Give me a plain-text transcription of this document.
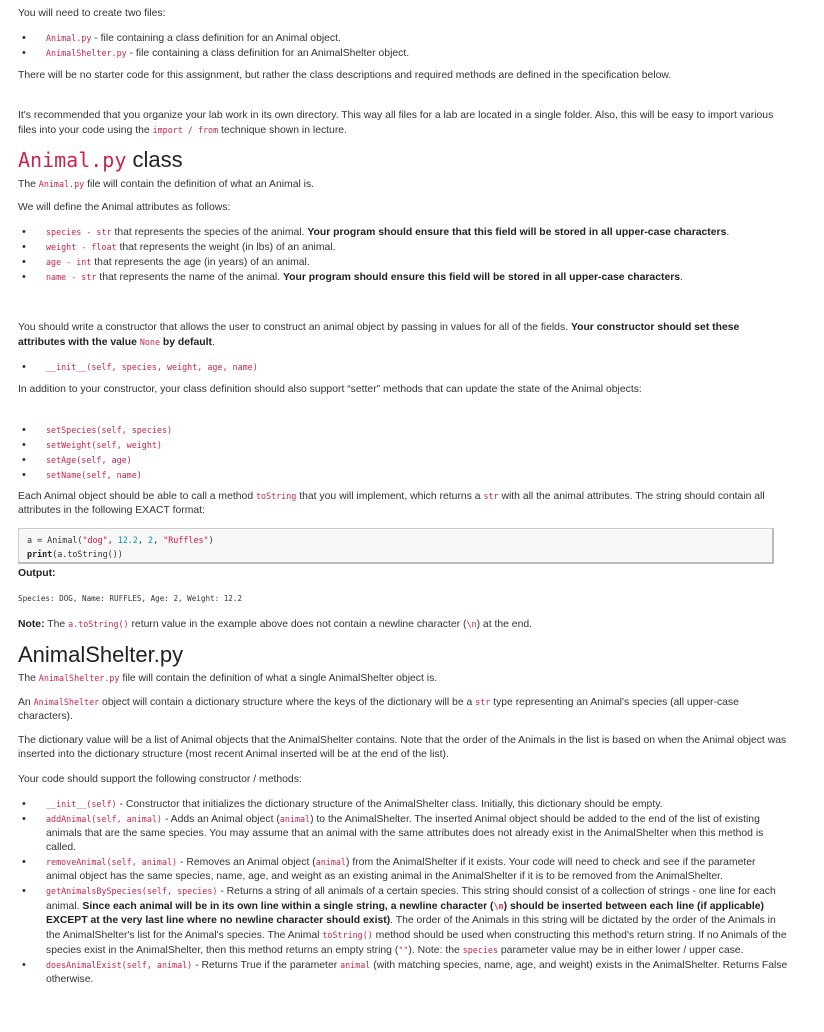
You will need to create two files:

• Animal.py - file containing a class definition for an Animal object.
• AnimalShelter.py - file containing a class definition for an AnimalShelter object.

There will be no starter code for this assignment, but rather the class descriptions and required methods are defined in the specification below.

It's recommended that you organize your lab work in its own directory. This way all files for a lab are located in a single folder. Also, this will be easy to import various files into your code using the import / from technique shown in lecture.

Animal.py class

The Animal.py file will contain the definition of what an Animal is.

We will define the Animal attributes as follows:

• species - str that represents the species of the animal. Your program should ensure that this field will be stored in all upper-case characters.
• weight - float that represents the weight (in lbs) of an animal.
• age - int that represents the age (in years) of an animal.
• name - str that represents the name of the animal. Your program should ensure this field will be stored in all upper-case characters.

You should write a constructor that allows the user to construct an animal object by passing in values for all of the fields. Your constructor should set these attributes with the value None by default.

• __init__(self, species, weight, age, name)

In addition to your constructor, your class definition should also support “setter” methods that can update the state of the Animal objects:

• setSpecies(self, species)
• setWeight(self, weight)
• setAge(self, age)
• setName(self, name)

Each Animal object should be able to call a method toString that you will implement, which returns a str with all the animal attributes. The string should contain all attributes in the following EXACT format:

a = Animal("dog", 12.2, 2, "Ruffles")
print(a.toString())

Output:

Species: DOG, Name: RUFFLES, Age: 2, Weight: 12.2

Note: The a.toString() return value in the example above does not contain a newline character (\n) at the end.

AnimalShelter.py

The AnimalShelter.py file will contain the definition of what a single AnimalShelter object is.

An AnimalShelter object will contain a dictionary structure where the keys of the dictionary will be a str type representing an Animal's species (all upper-case characters).

The dictionary value will be a list of Animal objects that the AnimalShelter contains. Note that the order of the Animals in the list is based on when the Animal object was inserted into the dictionary structure (most recent Animal inserted will be at the end of the list).

Your code should support the following constructor / methods:

• __init__(self) - Constructor that initializes the dictionary structure of the AnimalShelter class. Initially, this dictionary should be empty.
• addAnimal(self, animal) - Adds an Animal object (animal) to the AnimalShelter. The inserted Animal object should be added to the end of the list of existing animals that are the same species. You may assume that an animal with the same attributes does not already exist in the AnimalShelter when this method is called.
• removeAnimal(self, animal) - Removes an Animal object (animal) from the AnimalShelter if it exists. Your code will need to check and see if the parameter animal object has the same species, name, age, and weight as an existing animal in the AnimalShelter if it is to be removed from the AnimalShelter.
• getAnimalsBySpecies(self, species) - Returns a string of all animals of a certain species. This string should consist of a collection of strings - one line for each animal. Since each animal will be in its own line within a single string, a newline character (\n) should be inserted between each line (if applicable) EXCEPT at the very last line where no newline character should exist). The order of the Animals in this string will be dictated by the order of the Animals in the AnimalShelter's list for the Animal's species. The Animal toString() method should be used when constructing this method's return string. If no Animals of the species exist in the AnimalShelter, then this method returns an empty string (""). Note: the species parameter value may be in either lower / upper case.
• doesAnimalExist(self, animal) - Returns True if the parameter animal (with matching species, name, age, and weight) exists in the AnimalShelter. Returns False otherwise.
